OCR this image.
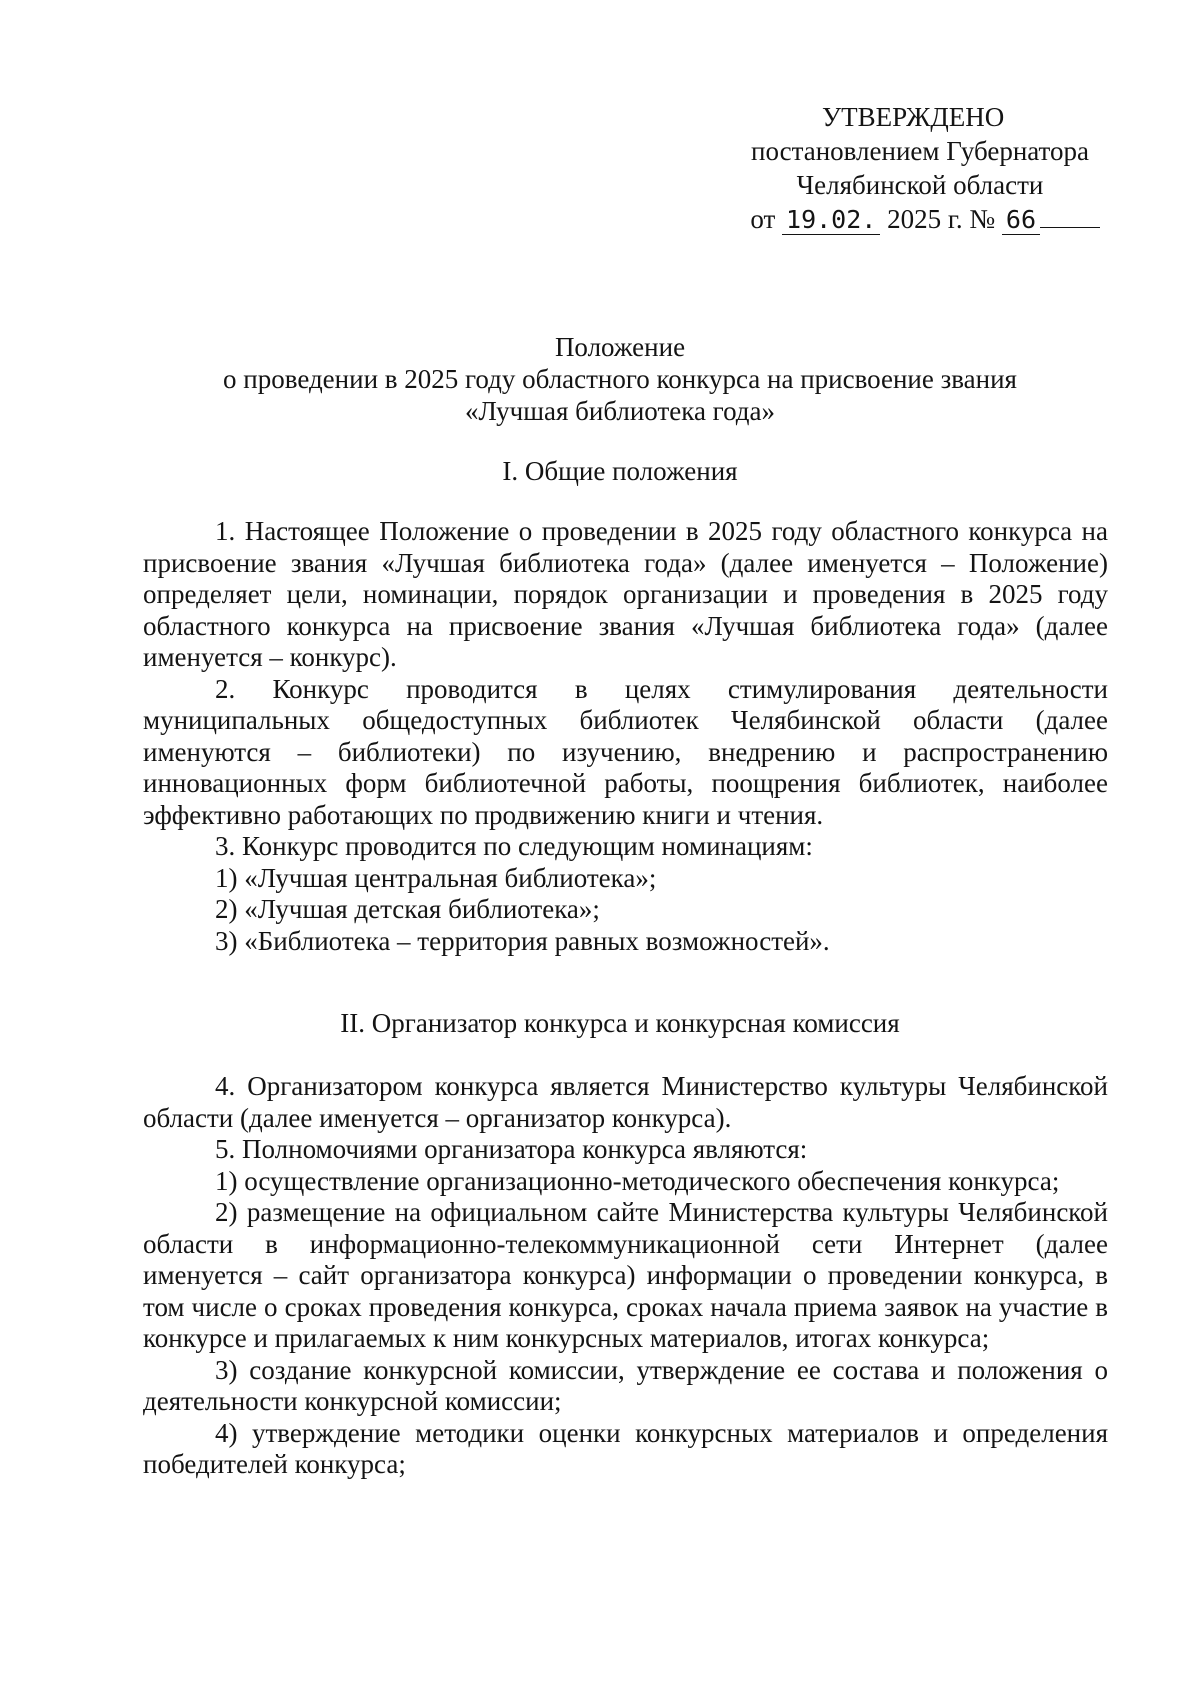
УТВЕРЖДЕНО
постановлением Губернатора
Челябинской области
от 19.02. 2025 г. № 66
Положение
о проведении в 2025 году областного конкурса на присвоение звания
«Лучшая библиотека года»
I. Общие положения

1. Настоящее Положение о проведении в 2025 году областного конкурса на присвоение звания «Лучшая библиотека года» (далее именуется – Положение) определяет цели, номинации, порядок организации и проведения в 2025 году областного конкурса на присвоение звания «Лучшая библиотека года» (далее именуется – конкурс).

2. Конкурс проводится в целях стимулирования деятельности муниципальных общедоступных библиотек Челябинской области (далее именуются – библиотеки) по изучению, внедрению и распространению инновационных форм библиотечной работы, поощрения библиотек, наиболее эффективно работающих по продвижению книги и чтения.

3. Конкурс проводится по следующим номинациям:

1) «Лучшая центральная библиотека»;

2) «Лучшая детская библиотека»;

3) «Библиотека – территория равных возможностей».

II. Организатор конкурса и конкурсная комиссия

4. Организатором конкурса является Министерство культуры Челябинской области (далее именуется – организатор конкурса).

5. Полномочиями организатора конкурса являются:

1) осуществление организационно-методического обеспечения конкурса;

2) размещение на официальном сайте Министерства культуры Челябинской области в информационно-телекоммуникационной сети Интернет (далее именуется – сайт организатора конкурса) информации о проведении конкурса, в том числе о сроках проведения конкурса, сроках начала приема заявок на участие в конкурсе и прилагаемых к ним конкурсных материалов, итогах конкурса;

3) создание конкурсной комиссии, утверждение ее состава и положения о деятельности конкурсной комиссии;

4) утверждение методики оценки конкурсных материалов и определения победителей конкурса;
